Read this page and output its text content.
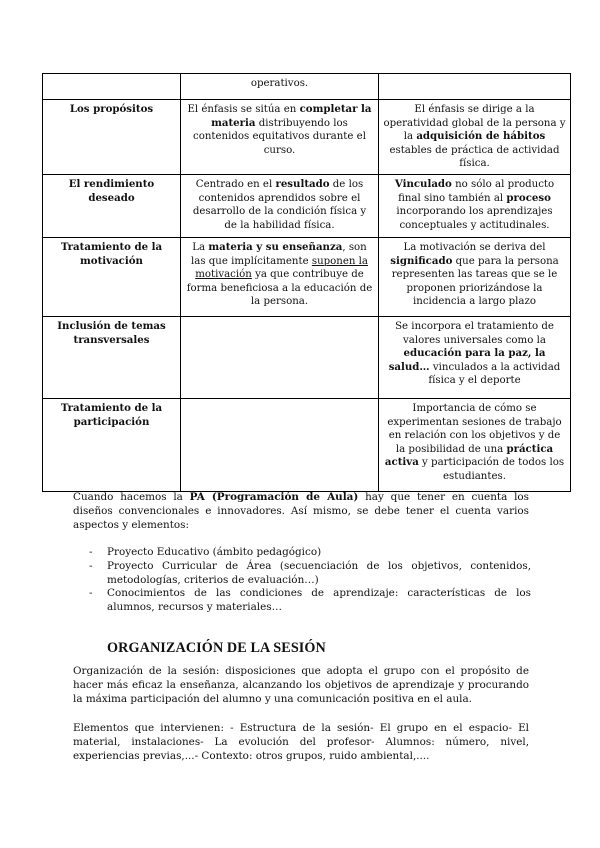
	operativos.	
Los propósitos	El énfasis se sitúa en completar la materia distribuyendo los contenidos equitativos durante el curso.	El énfasis se dirige a la operatividad global de la persona y la adquisición de hábitos estables de práctica de actividad física.
El rendimiento deseado	Centrado en el resultado de los contenidos aprendidos sobre el desarrollo de la condición física y de la habilidad física.	Vinculado no sólo al producto final sino también al proceso incorporando los aprendizajes conceptuales y actitudinales.
Tratamiento de la motivación	La materia y su enseñanza, son las que implícitamente suponen la motivación ya que contribuye de forma beneficiosa a la educación de la persona.	La motivación se deriva del significado que para la persona representen las tareas que se le proponen priorizándose la incidencia a largo plazo
Inclusión de temas transversales		Se incorpora el tratamiento de valores universales como la educación para la paz, la salud… vinculados a la actividad física y el deporte
Tratamiento de la participación		Importancia de cómo se experimentan sesiones de trabajo en relación con los objetivos y de la posibilidad de una práctica activa y participación de todos los estudiantes.

Cuando hacemos la PA (Programación de Aula) hay que tener en cuenta los diseños convencionales e innovadores. Así mismo, se debe tener el cuenta varios aspectos y elementos:

- Proyecto Educativo (ámbito pedagógico)
- Proyecto Curricular de Área (secuenciación de los objetivos, contenidos, metodologías, criterios de evaluación…)
- Conocimientos de las condiciones de aprendizaje: características de los alumnos, recursos y materiales…
ORGANIZACIÓN DE LA SESIÓN

Organización de la sesión: disposiciones que adopta el grupo con el propósito de hacer más eficaz la enseñanza, alcanzando los objetivos de aprendizaje y procurando la máxima participación del alumno y una comunicación positiva en el aula.

Elementos que intervienen: - Estructura de la sesión- El grupo en el espacio- El material, instalaciones- La evolución del profesor- Alumnos: número, nivel, experiencias previas,...- Contexto: otros grupos, ruido ambiental,....
